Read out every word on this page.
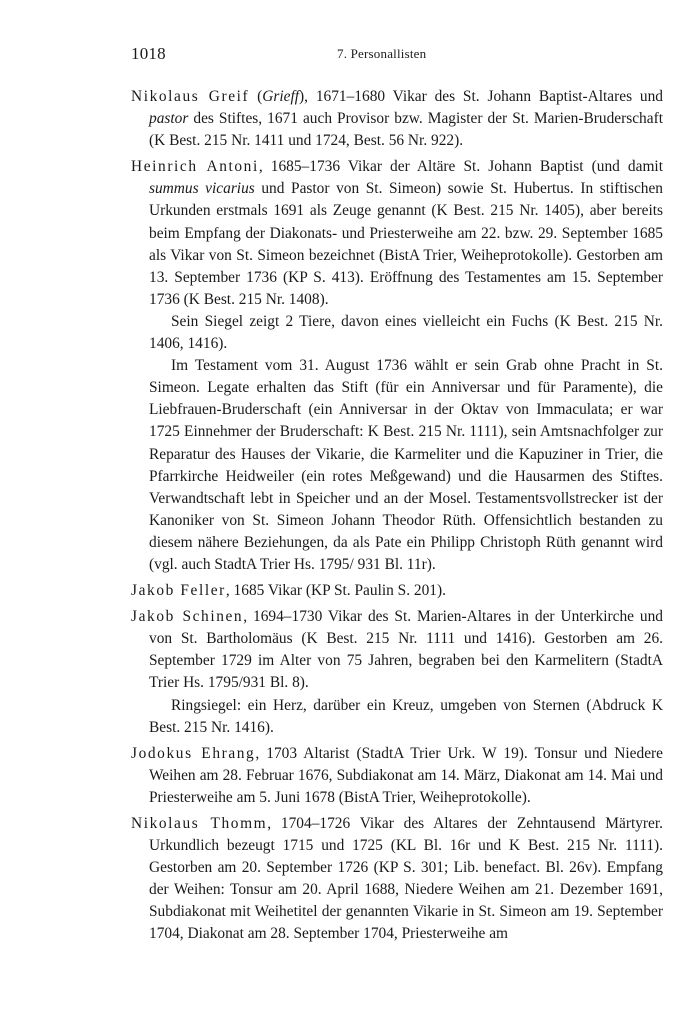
1018	7. Personallisten

Nikolaus Greif (Grieff), 1671–1680 Vikar des St. Johann Baptist-Altares und pastor des Stiftes, 1671 auch Provisor bzw. Magister der St. Marien-Bruderschaft (K Best. 215 Nr. 1411 und 1724, Best. 56 Nr. 922).

Heinrich Antoni, 1685–1736 Vikar der Altäre St. Johann Baptist (und damit summus vicarius und Pastor von St. Simeon) sowie St. Hubertus. In stiftischen Urkunden erstmals 1691 als Zeuge genannt (K Best. 215 Nr. 1405), aber bereits beim Empfang der Diakonats- und Priesterweihe am 22. bzw. 29. September 1685 als Vikar von St. Simeon bezeichnet (BistA Trier, Weiheprotokolle). Gestorben am 13. September 1736 (KP S. 413). Eröffnung des Testamentes am 15. September 1736 (K Best. 215 Nr. 1408).

Sein Siegel zeigt 2 Tiere, davon eines vielleicht ein Fuchs (K Best. 215 Nr. 1406, 1416).

Im Testament vom 31. August 1736 wählt er sein Grab ohne Pracht in St. Simeon. Legate erhalten das Stift (für ein Anniversar und für Paramente), die Liebfrauen-Bruderschaft (ein Anniversar in der Oktav von Immaculata; er war 1725 Einnehmer der Bruderschaft: K Best. 215 Nr. 1111), sein Amtsnachfolger zur Reparatur des Hauses der Vikarie, die Karmeliter und die Kapuziner in Trier, die Pfarrkirche Heidweiler (ein rotes Meßgewand) und die Hausarmen des Stiftes. Verwandtschaft lebt in Speicher und an der Mosel. Testamentsvollstrecker ist der Kanoniker von St. Simeon Johann Theodor Rüth. Offensichtlich bestanden zu diesem nähere Beziehungen, da als Pate ein Philipp Christoph Rüth genannt wird (vgl. auch StadtA Trier Hs. 1795/ 931 Bl. 11r).

Jakob Feller, 1685 Vikar (KP St. Paulin S. 201).

Jakob Schinen, 1694–1730 Vikar des St. Marien-Altares in der Unterkirche und von St. Bartholomäus (K Best. 215 Nr. 1111 und 1416). Gestorben am 26. September 1729 im Alter von 75 Jahren, begraben bei den Karmelitern (StadtA Trier Hs. 1795/931 Bl. 8).

Ringsiegel: ein Herz, darüber ein Kreuz, umgeben von Sternen (Abdruck K Best. 215 Nr. 1416).

Jodokus Ehrang, 1703 Altarist (StadtA Trier Urk. W 19). Tonsur und Niedere Weihen am 28. Februar 1676, Subdiakonat am 14. März, Diakonat am 14. Mai und Priesterweihe am 5. Juni 1678 (BistA Trier, Weiheprotokolle).

Nikolaus Thomm, 1704–1726 Vikar des Altares der Zehntausend Märtyrer. Urkundlich bezeugt 1715 und 1725 (KL Bl. 16r und K Best. 215 Nr. 1111). Gestorben am 20. September 1726 (KP S. 301; Lib. benefact. Bl. 26v). Empfang der Weihen: Tonsur am 20. April 1688, Niedere Weihen am 21. Dezember 1691, Subdiakonat mit Weihetitel der genannten Vikarie in St. Simeon am 19. September 1704, Diakonat am 28. September 1704, Priesterweihe am
